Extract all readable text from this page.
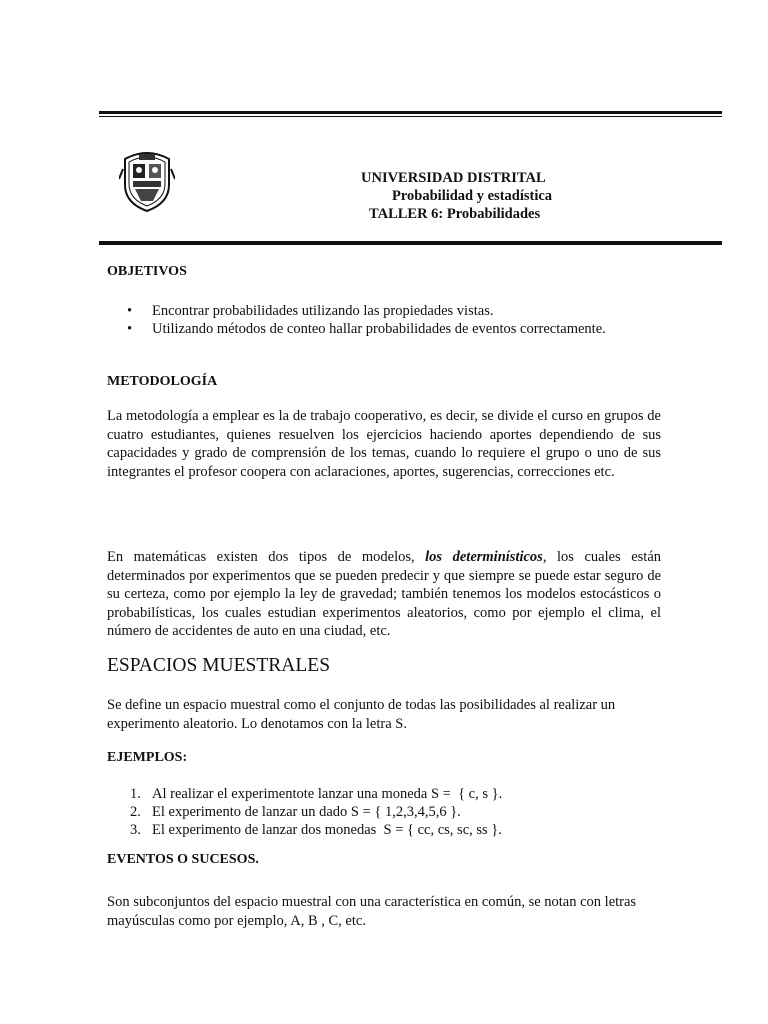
UNIVERSIDAD DISTRITAL
Probabilidad y estadística
TALLER 6: Probabilidades
OBJETIVOS
• Encontrar probabilidades utilizando las propiedades vistas.
• Utilizando métodos de conteo hallar probabilidades de eventos correctamente.
METODOLOGÍA

La metodología a emplear es la de trabajo cooperativo, es decir, se divide el curso en grupos de cuatro estudiantes, quienes resuelven los ejercicios haciendo aportes dependiendo de sus capacidades y grado de comprensión de los temas, cuando lo requiere el grupo o uno de sus integrantes el profesor coopera con aclaraciones, aportes, sugerencias, correcciones etc.

En matemáticas existen dos tipos de modelos, los determinísticos, los cuales están determinados por experimentos que se pueden predecir y que siempre se puede estar seguro de su certeza, como por ejemplo la ley de gravedad; también tenemos los modelos estocásticos o probabilísticas, los cuales estudian experimentos aleatorios, como por ejemplo el clima, el número de accidentes de auto en una ciudad, etc.

ESPACIOS MUESTRALES

Se define un espacio muestral como el conjunto de todas las posibilidades al realizar un experimento aleatorio. Lo denotamos con la letra S.

EJEMPLOS:
1. Al realizar el experimentote lanzar una moneda S =  { c, s }.
2. El experimento de lanzar un dado S = { 1,2,3,4,5,6 }.
3. El experimento de lanzar dos monedas  S = { cc, cs, sc, ss }.
EVENTOS O SUCESOS.

Son subconjuntos del espacio muestral con una característica en común, se notan con letras mayúsculas como por ejemplo, A, B , C, etc.
